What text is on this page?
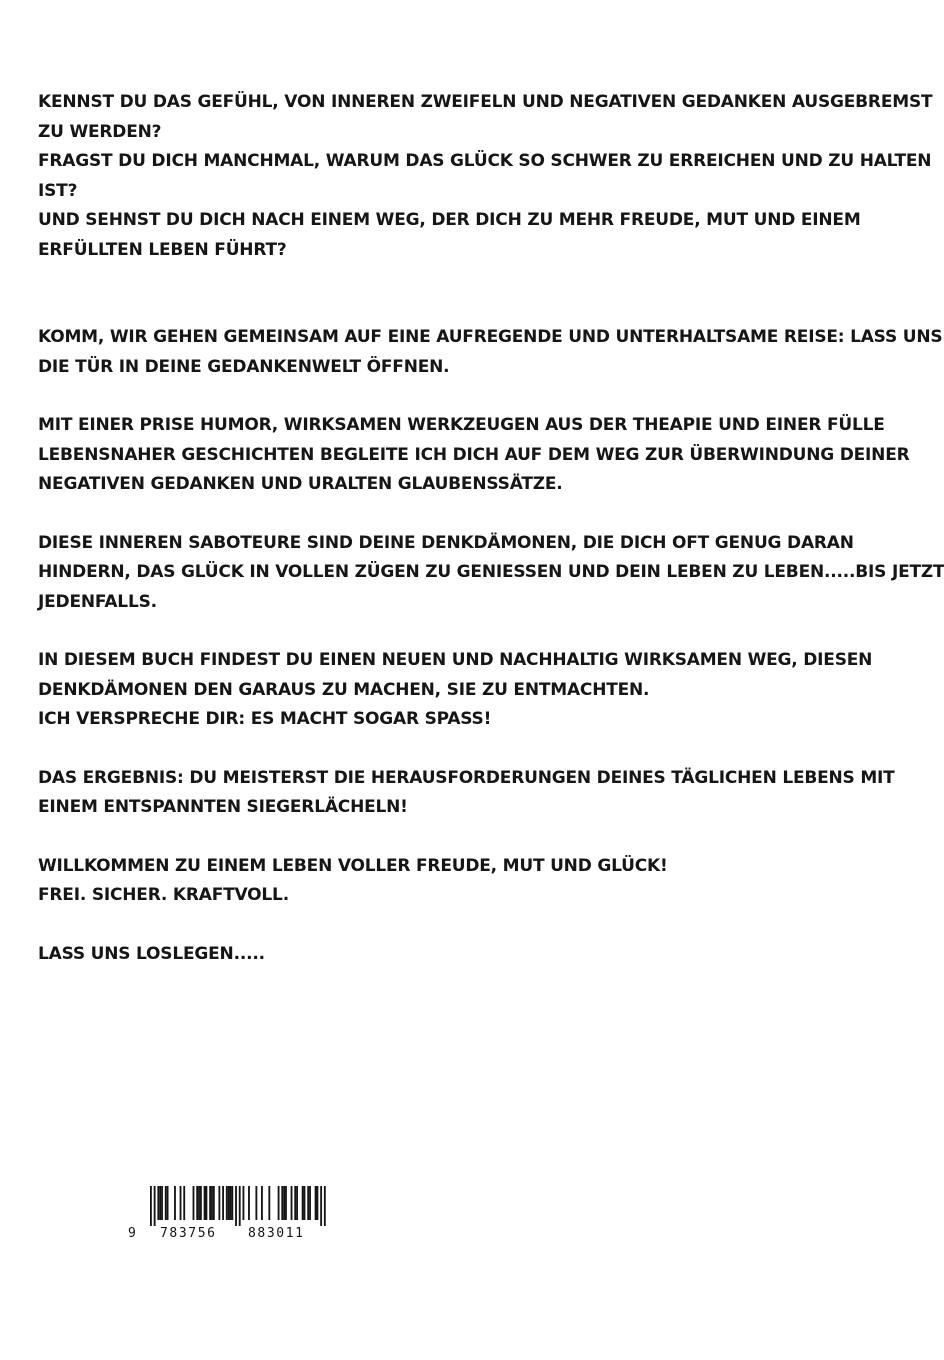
KENNST DU DAS GEFÜHL, VON INNEREN ZWEIFELN UND NEGATIVEN GEDANKEN AUSGEBREMST
ZU WERDEN?
FRAGST DU DICH MANCHMAL, WARUM DAS GLÜCK SO SCHWER ZU ERREICHEN UND ZU HALTEN
IST?
UND SEHNST DU DICH NACH EINEM WEG, DER DICH ZU MEHR FREUDE, MUT UND EINEM
ERFÜLLTEN LEBEN FÜHRT?
KOMM, WIR GEHEN GEMEINSAM AUF EINE AUFREGENDE UND UNTERHALTSAME REISE: LASS UNS
DIE TÜR IN DEINE GEDANKENWELT ÖFFNEN.
MIT EINER PRISE HUMOR, WIRKSAMEN WERKZEUGEN AUS DER THEAPIE UND EINER FÜLLE
LEBENSNAHER GESCHICHTEN BEGLEITE ICH DICH AUF DEM WEG ZUR ÜBERWINDUNG DEINER
NEGATIVEN GEDANKEN UND URALTEN GLAUBENSSÄTZE.
DIESE INNEREN SABOTEURE SIND DEINE DENKDÄMONEN, DIE DICH OFT GENUG DARAN
HINDERN, DAS GLÜCK IN VOLLEN ZÜGEN ZU GENIESSEN UND DEIN LEBEN ZU LEBEN.....BIS JETZT
JEDENFALLS.
IN DIESEM BUCH FINDEST DU EINEN NEUEN UND NACHHALTIG WIRKSAMEN WEG, DIESEN
DENKDÄMONEN DEN GARAUS ZU MACHEN, SIE ZU ENTMACHTEN.
ICH VERSPRECHE DIR: ES MACHT SOGAR SPASS!
DAS ERGEBNIS: DU MEISTERST DIE HERAUSFORDERUNGEN DEINES TÄGLICHEN LEBENS MIT
EINEM ENTSPANNTEN SIEGERLÄCHELN!
WILLKOMMEN ZU EINEM LEBEN VOLLER FREUDE, MUT UND GLÜCK!
FREI. SICHER. KRAFTVOLL.
LASS UNS LOSLEGEN.....
9 783756 883011
